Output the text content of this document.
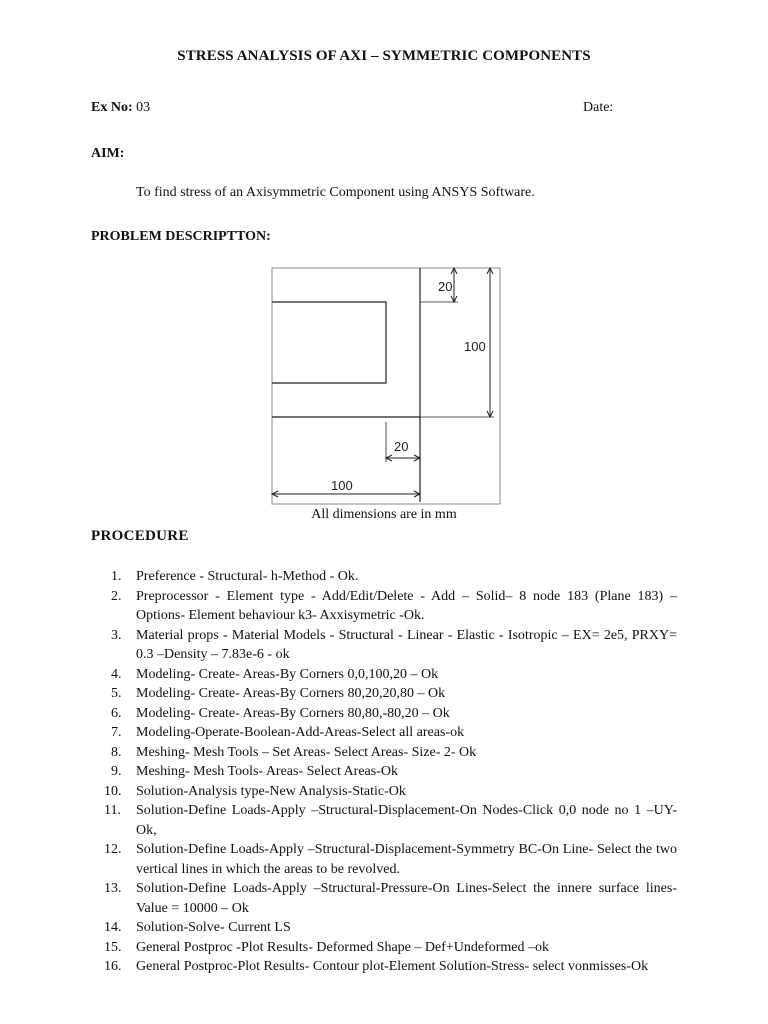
STRESS ANALYSIS OF AXI – SYMMETRIC COMPONENTS
Ex No: 03	Date:
AIM:
To find stress of an Axisymmetric Component using ANSYS Software.
PROBLEM DESCRIPTTON:
20
100
20
100
All dimensions are in mm
PROCEDURE
1. Preference - Structural- h-Method - Ok.
2. Preprocessor - Element type - Add/Edit/Delete - Add – Solid– 8 node 183 (Plane 183) – Options- Element behaviour k3- Axxisymetric -Ok.
3. Material props - Material Models - Structural - Linear - Elastic - Isotropic – EX= 2e5, PRXY= 0.3 –Density – 7.83e-6 - ok
4. Modeling- Create- Areas-By Corners 0,0,100,20 – Ok
5. Modeling- Create- Areas-By Corners 80,20,20,80 – Ok
6. Modeling- Create- Areas-By Corners 80,80,-80,20 – Ok
7. Modeling-Operate-Boolean-Add-Areas-Select all areas-ok
8. Meshing- Mesh Tools – Set Areas- Select Areas- Size- 2- Ok
9. Meshing- Mesh Tools- Areas- Select Areas-Ok
10. Solution-Analysis type-New Analysis-Static-Ok
11. Solution-Define Loads-Apply –Structural-Displacement-On Nodes-Click 0,0 node no 1 –UY- Ok,
12. Solution-Define Loads-Apply –Structural-Displacement-Symmetry BC-On Line- Select the two vertical lines in which the areas to be revolved.
13. Solution-Define Loads-Apply –Structural-Pressure-On Lines-Select the innere surface lines- Value = 10000 – Ok
14. Solution-Solve- Current LS
15. General Postproc -Plot Results- Deformed Shape – Def+Undeformed –ok
16. General Postproc-Plot Results- Contour plot-Element Solution-Stress- select vonmisses-Ok
